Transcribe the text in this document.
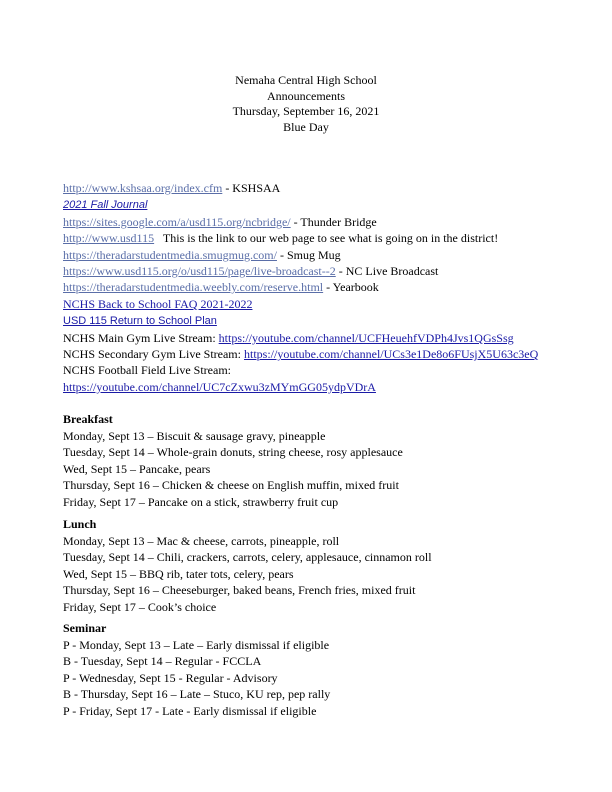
Nemaha Central High School
Announcements
Thursday, September 16, 2021
Blue Day
http://www.kshsaa.org/index.cfm - KSHSAA
2021 Fall Journal
https://sites.google.com/a/usd115.org/ncbridge/ - Thunder Bridge
http://www.usd115   This is the link to our web page to see what is going on in the district!
https://theradarstudentmedia.smugmug.com/ - Smug Mug
https://www.usd115.org/o/usd115/page/live-broadcast--2 - NC Live Broadcast
https://theradarstudentmedia.weebly.com/reserve.html - Yearbook
NCHS Back to School FAQ 2021-2022
USD 115 Return to School Plan
NCHS Main Gym Live Stream: https://youtube.com/channel/UCFHeuehfVDPh4Jvs1QGsSsg
NCHS Secondary Gym Live Stream: https://youtube.com/channel/UCs3e1De8o6FUsjX5U63c3eQ
NCHS Football Field Live Stream:
https://youtube.com/channel/UC7cZxwu3zMYmGG05ydpVDrA
Breakfast
Monday, Sept 13 – Biscuit & sausage gravy, pineapple
Tuesday, Sept 14 – Whole-grain donuts, string cheese, rosy applesauce
Wed, Sept 15 – Pancake, pears
Thursday, Sept 16 – Chicken & cheese on English muffin, mixed fruit
Friday, Sept 17 – Pancake on a stick, strawberry fruit cup
Lunch
Monday, Sept 13 – Mac & cheese, carrots, pineapple, roll
Tuesday, Sept 14 – Chili, crackers, carrots, celery, applesauce, cinnamon roll
Wed, Sept 15 – BBQ rib, tater tots, celery, pears
Thursday, Sept 16 – Cheeseburger, baked beans, French fries, mixed fruit
Friday, Sept 17 – Cook’s choice
Seminar
P - Monday, Sept 13 – Late – Early dismissal if eligible
B - Tuesday, Sept 14 – Regular - FCCLA
P - Wednesday, Sept 15 - Regular - Advisory
B - Thursday, Sept 16 – Late – Stuco, KU rep, pep rally
P - Friday, Sept 17 - Late - Early dismissal if eligible
